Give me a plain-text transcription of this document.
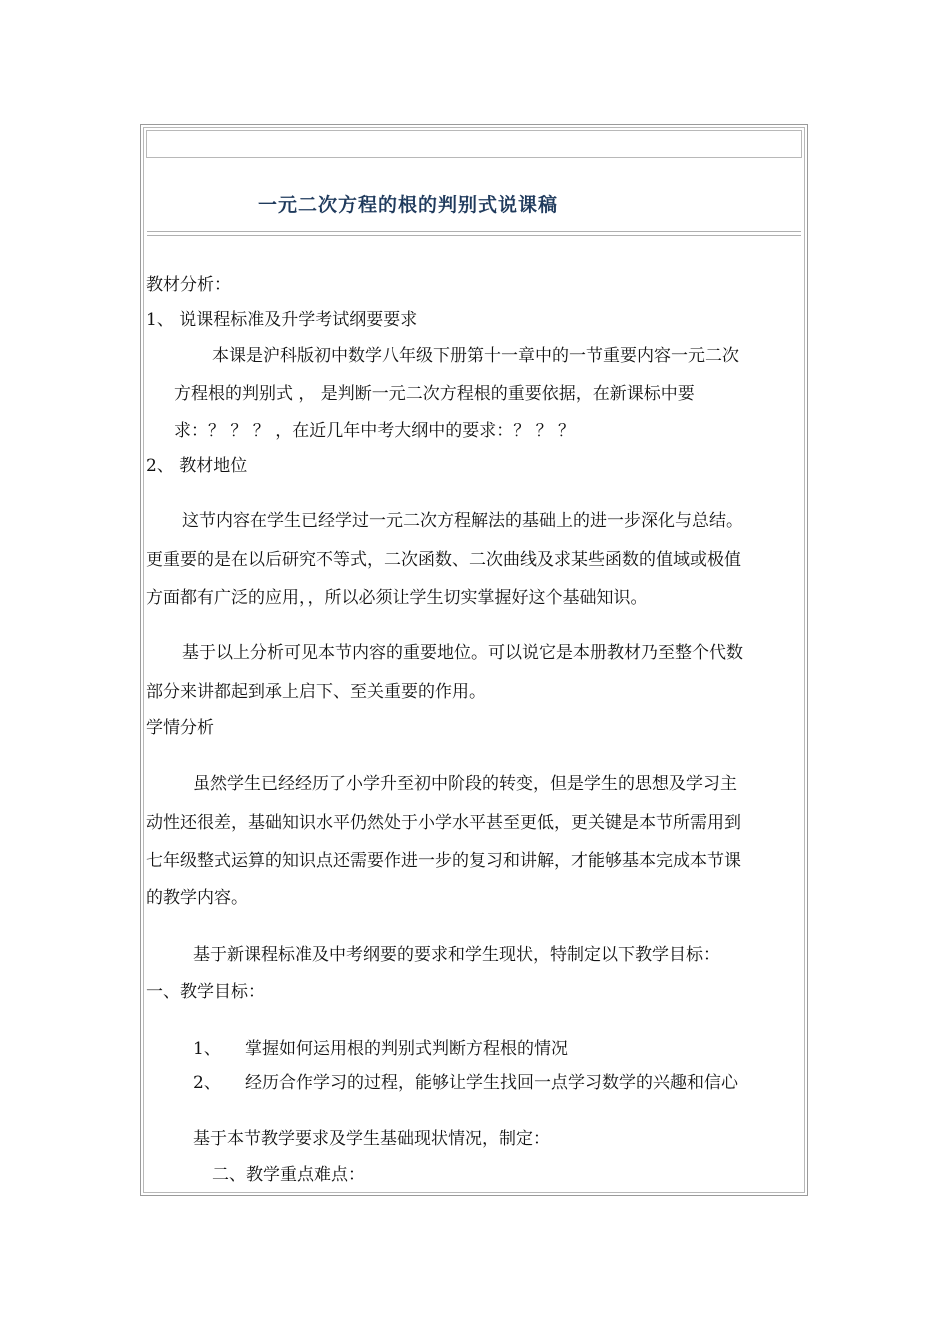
一元二次方程的根的判别式说课稿
教材分析：
1、 说课程标准及升学考试纲要要求
本课是沪科版初中数学八年级下册第十一章中的一节重要内容一元二次
方程根的判别式 ， 是判断一元二次方程根的重要依据，在新课标中要
求：？ ？ ？ ，在近几年中考大纲中的要求：？ ？ ？
2、 教材地位
这节内容在学生已经学过一元二次方程解法的基础上的进一步深化与总结。
更重要的是在以后研究不等式，二次函数、二次曲线及求某些函数的值域或极值
方面都有广泛的应用，，所以必须让学生切实掌握好这个基础知识。
基于以上分析可见本节内容的重要地位。可以说它是本册教材乃至整个代数
部分来讲都起到承上启下、至关重要的作用。
学情分析
虽然学生已经经历了小学升至初中阶段的转变，但是学生的思想及学习主
动性还很差，基础知识水平仍然处于小学水平甚至更低，更关键是本节所需用到
七年级整式运算的知识点还需要作进一步的复习和讲解，才能够基本完成本节课
的教学内容。
基于新课程标准及中考纲要的要求和学生现状，特制定以下教学目标：
一、教学目标：
1、 掌握如何运用根的判别式判断方程根的情况
2、 经历合作学习的过程，能够让学生找回一点学习数学的兴趣和信心
基于本节教学要求及学生基础现状情况，制定：
二、教学重点难点：
